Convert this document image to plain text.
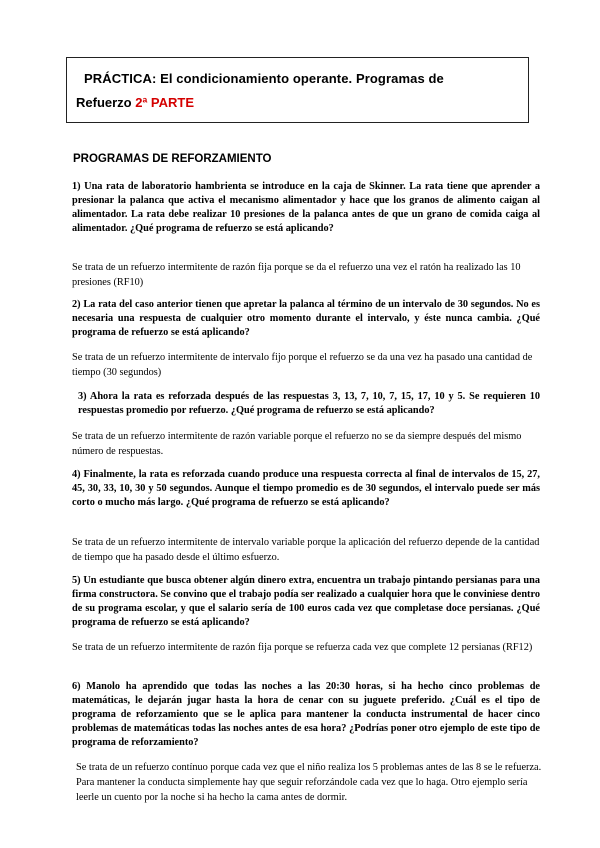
PRÁCTICA: El condicionamiento operante. Programas de
Refuerzo 2ª PARTE
PROGRAMAS DE REFORZAMIENTO
1) Una rata de laboratorio hambrienta se introduce en la caja de Skinner. La rata tiene que aprender a presionar la palanca que activa el mecanismo alimentador y hace que los granos de alimento caigan al alimentador. La rata debe realizar 10 presiones de la palanca antes de que un grano de comida caiga al alimentador. ¿Qué programa de refuerzo se está aplicando?
Se trata de un refuerzo intermitente de razón fija porque se da el refuerzo una vez el ratón ha realizado las 10 presiones (RF10)
2) La rata del caso anterior tienen que apretar la palanca al término de un intervalo de 30 segundos. No es necesaria una respuesta de cualquier otro momento durante el intervalo, y éste nunca cambia. ¿Qué programa de refuerzo se está aplicando?
Se trata de un refuerzo intermitente de intervalo fijo porque el refuerzo se da una vez ha pasado una cantidad de tiempo (30 segundos)
3) Ahora la rata es reforzada después de las respuestas 3, 13, 7, 10, 7, 15, 17, 10 y 5. Se requieren 10 respuestas promedio por refuerzo. ¿Qué programa de refuerzo se está aplicando?
Se trata de un refuerzo intermitente de razón variable porque el refuerzo no se da siempre después del mismo número de respuestas.
4) Finalmente, la rata es reforzada cuando produce una respuesta correcta al final de intervalos de 15, 27, 45, 30, 33, 10, 30 y 50 segundos. Aunque el tiempo promedio es de 30 segundos, el intervalo puede ser más corto o mucho más largo. ¿Qué programa de refuerzo se está aplicando?
Se trata de un refuerzo intermitente de intervalo variable porque la aplicación del refuerzo depende de la cantidad de tiempo que ha pasado desde el último esfuerzo.
5) Un estudiante que busca obtener algún dinero extra, encuentra un trabajo pintando persianas para una firma constructora. Se convino que el trabajo podía ser realizado a cualquier hora que le conviniese dentro de su programa escolar, y que el salario sería de 100 euros cada vez que completase doce persianas. ¿Qué programa de refuerzo se está aplicando?
Se trata de un refuerzo intermitente de razón fija porque se refuerza cada vez que complete 12 persianas (RF12)
6) Manolo ha aprendido que todas las noches a las 20:30 horas, si ha hecho cinco problemas de matemáticas, le dejarán jugar hasta la hora de cenar con su juguete preferido. ¿Cuál es el tipo de programa de reforzamiento que se le aplica para mantener la conducta instrumental de hacer cinco problemas de matemáticas todas las noches antes de esa hora? ¿Podrías poner otro ejemplo de este tipo de programa de reforzamiento?
Se trata de un refuerzo contínuo porque cada vez que el niño realiza los 5 problemas antes de las 8 se le refuerza. Para mantener la conducta simplemente hay que seguir reforzándole cada vez que lo haga. Otro ejemplo sería leerle un cuento por la noche si ha hecho la cama antes de dormir.
